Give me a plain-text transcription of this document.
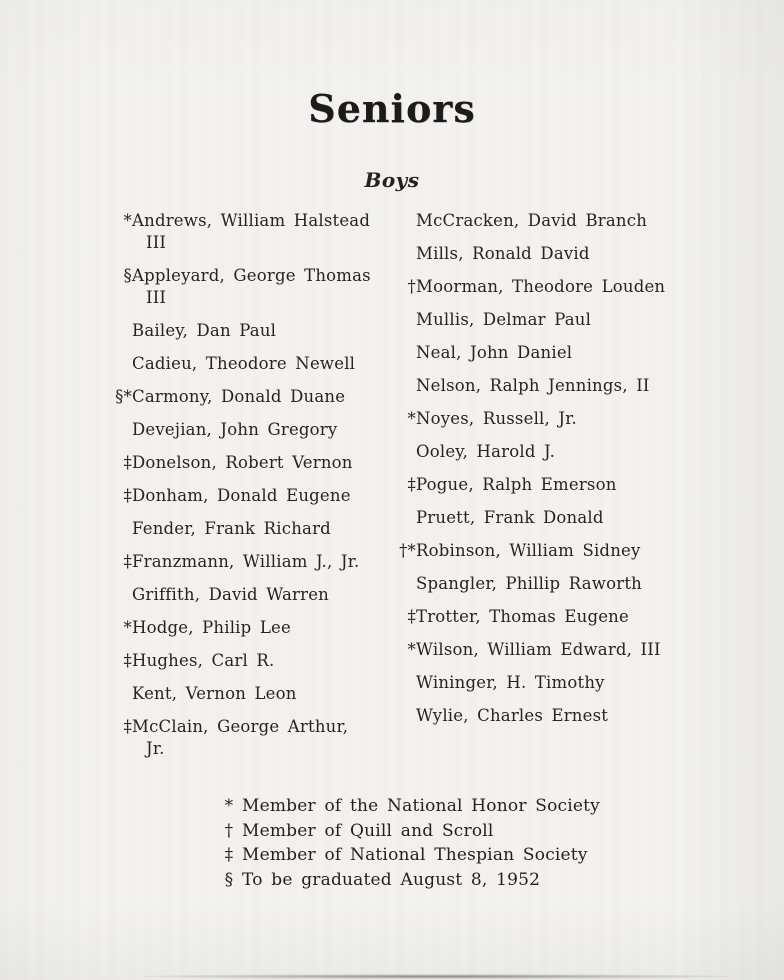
Seniors
Boys
*Andrews, William Halstead
III
§Appleyard, George Thomas
III
Bailey, Dan Paul
Cadieu, Theodore Newell
§*Carmony, Donald Duane
Devejian, John Gregory
‡Donelson, Robert Vernon
‡Donham, Donald Eugene
Fender, Frank Richard
‡Franzmann, William J., Jr.
Griffith, David Warren
*Hodge, Philip Lee
‡Hughes, Carl R.
Kent, Vernon Leon
‡McClain, George Arthur,
Jr.
McCracken, David Branch
Mills, Ronald David
†Moorman, Theodore Louden
Mullis, Delmar Paul
Neal, John Daniel
Nelson, Ralph Jennings, II
*Noyes, Russell, Jr.
Ooley, Harold J.
‡Pogue, Ralph Emerson
Pruett, Frank Donald
†*Robinson, William Sidney
Spangler, Phillip Raworth
‡Trotter, Thomas Eugene
*Wilson, William Edward, III
Wininger, H. Timothy
Wylie, Charles Ernest
* Member of the National Honor Society
† Member of Quill and Scroll
‡ Member of National Thespian Society
§ To be graduated August 8, 1952
